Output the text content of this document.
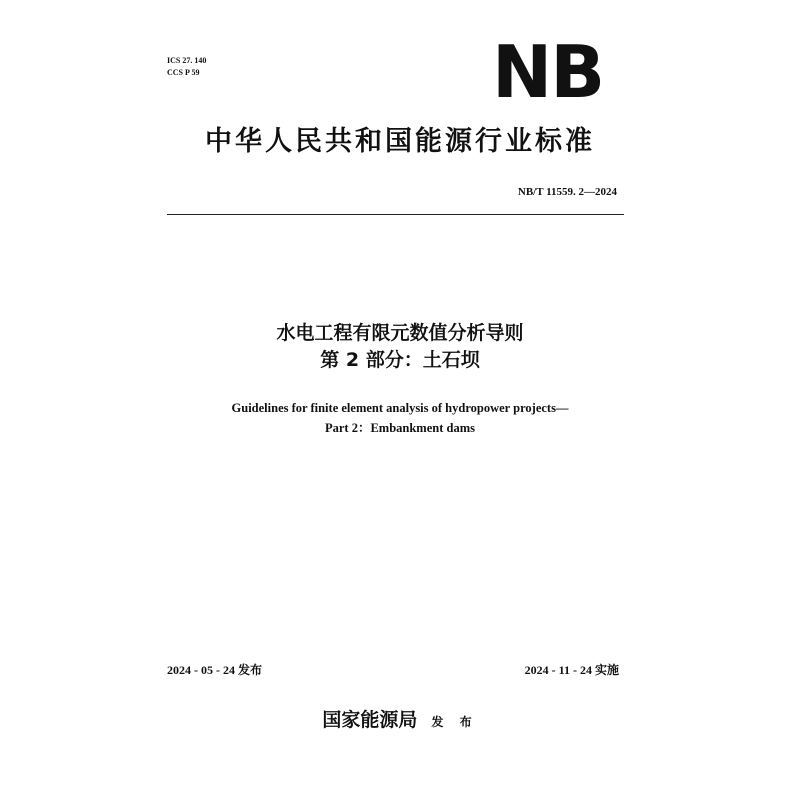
ICS 27. 140
CCS P 59	NB
中华人民共和国能源行业标准
NB/T 11559. 2—2024
水电工程有限元数值分析导则
第 2 部分：土石坝
Guidelines for finite element analysis of hydropower projects—
Part 2：Embankment dams
2024 - 05 - 24 发布	2024 - 11 - 24 实施
国家能源局 发 布
